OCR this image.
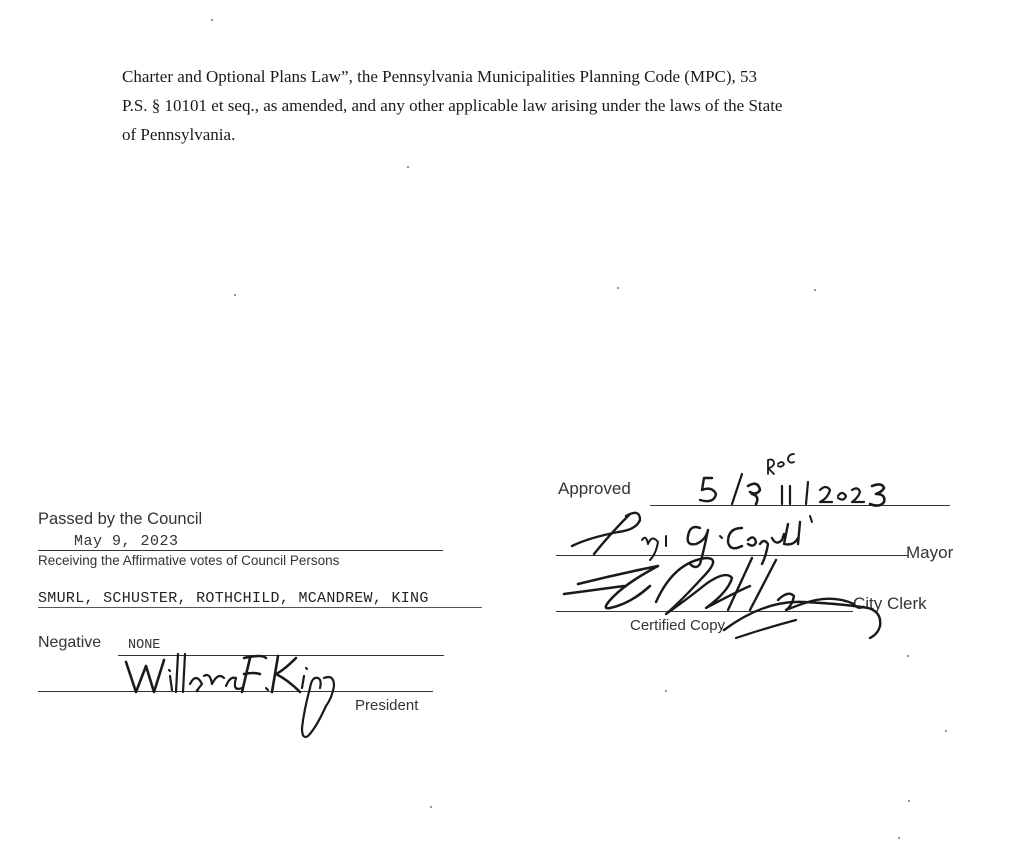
Charter and Optional Plans Law”, the Pennsylvania Municipalities Planning Code (MPC), 53

P.S. § 10101 et seq., as amended, and any other applicable law arising under the laws of the State

of Pennsylvania.

Passed by the Council
May 9, 2023
Receiving the Affirmative votes of Council Persons
SMURL, SCHUSTER, ROTHCHILD, MCANDREW, KING
Negative NONE
President
Approved
Mayor
City Clerk
Certified Copy
